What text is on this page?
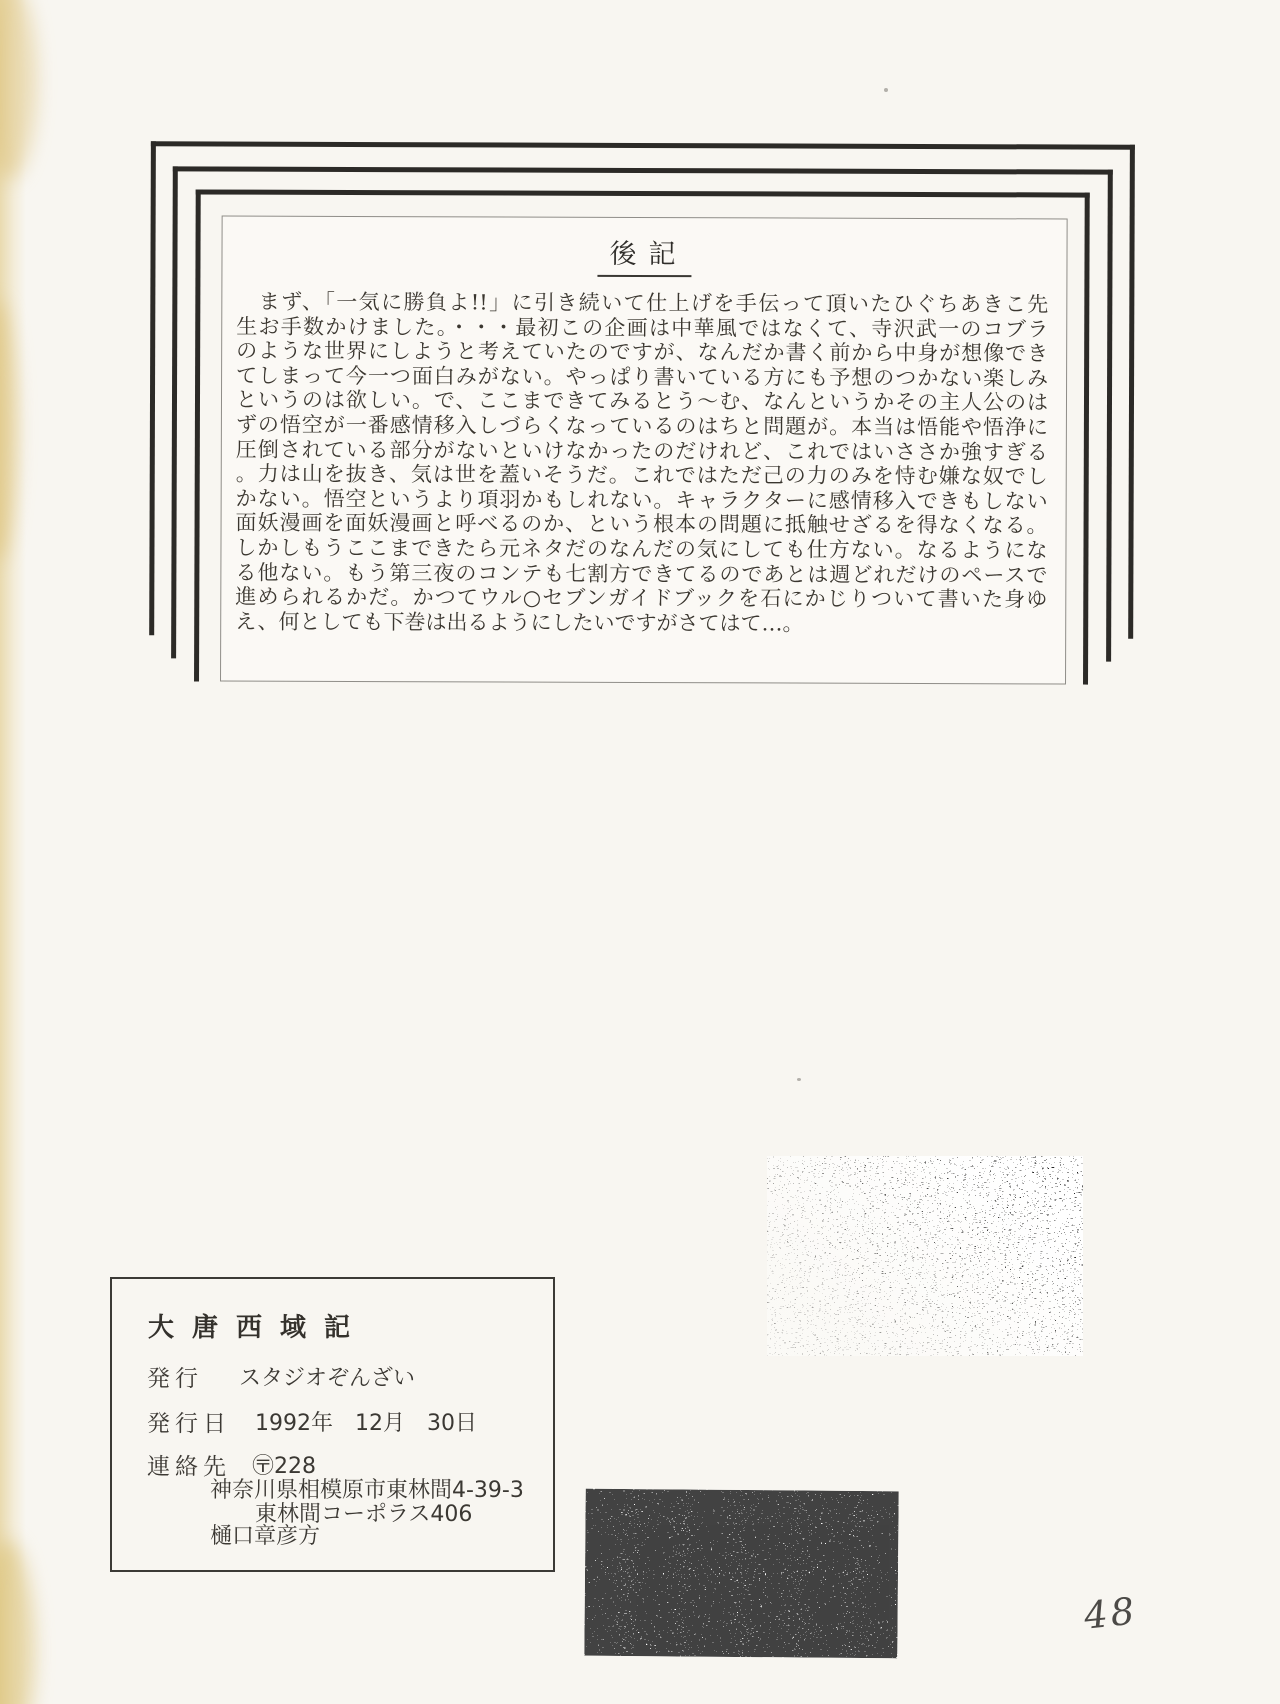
後記
　まず、「一気に勝負よ!!」に引き続いて仕上げを手伝って頂いたひぐちあきこ先
生お手数かけました。・・・最初この企画は中華風ではなくて、寺沢武一のコブラ
のような世界にしようと考えていたのですが、なんだか書く前から中身が想像でき
てしまって今一つ面白みがない。やっぱり書いている方にも予想のつかない楽しみ
というのは欲しい。で、ここまできてみるとう〜む、なんというかその主人公のは
ずの悟空が一番感情移入しづらくなっているのはちと問題が。本当は悟能や悟浄に
圧倒されている部分がないといけなかったのだけれど、これではいささか強すぎる
。力は山を抜き、気は世を蓋いそうだ。これではただ己の力のみを恃む嫌な奴でし
かない。悟空というより項羽かもしれない。キャラクターに感情移入できもしない
面妖漫画を面妖漫画と呼べるのか、という根本の問題に抵触せざるを得なくなる。
しかしもうここまできたら元ネタだのなんだの気にしても仕方ない。なるようにな
る他ない。もう第三夜のコンテも七割方できてるのであとは週どれだけのペースで
進められるかだ。かつてウル○セブンガイドブックを石にかじりついて書いた身ゆ
え、何としても下巻は出るようにしたいですがさてはて…。
大唐西域記
発行 スタジオぞんざい
発行日 1992年　12月　30日
連絡先 〶228
神奈川県相模原市東林間4-39-3
東林間コーポラス406
樋口章彦方
48
